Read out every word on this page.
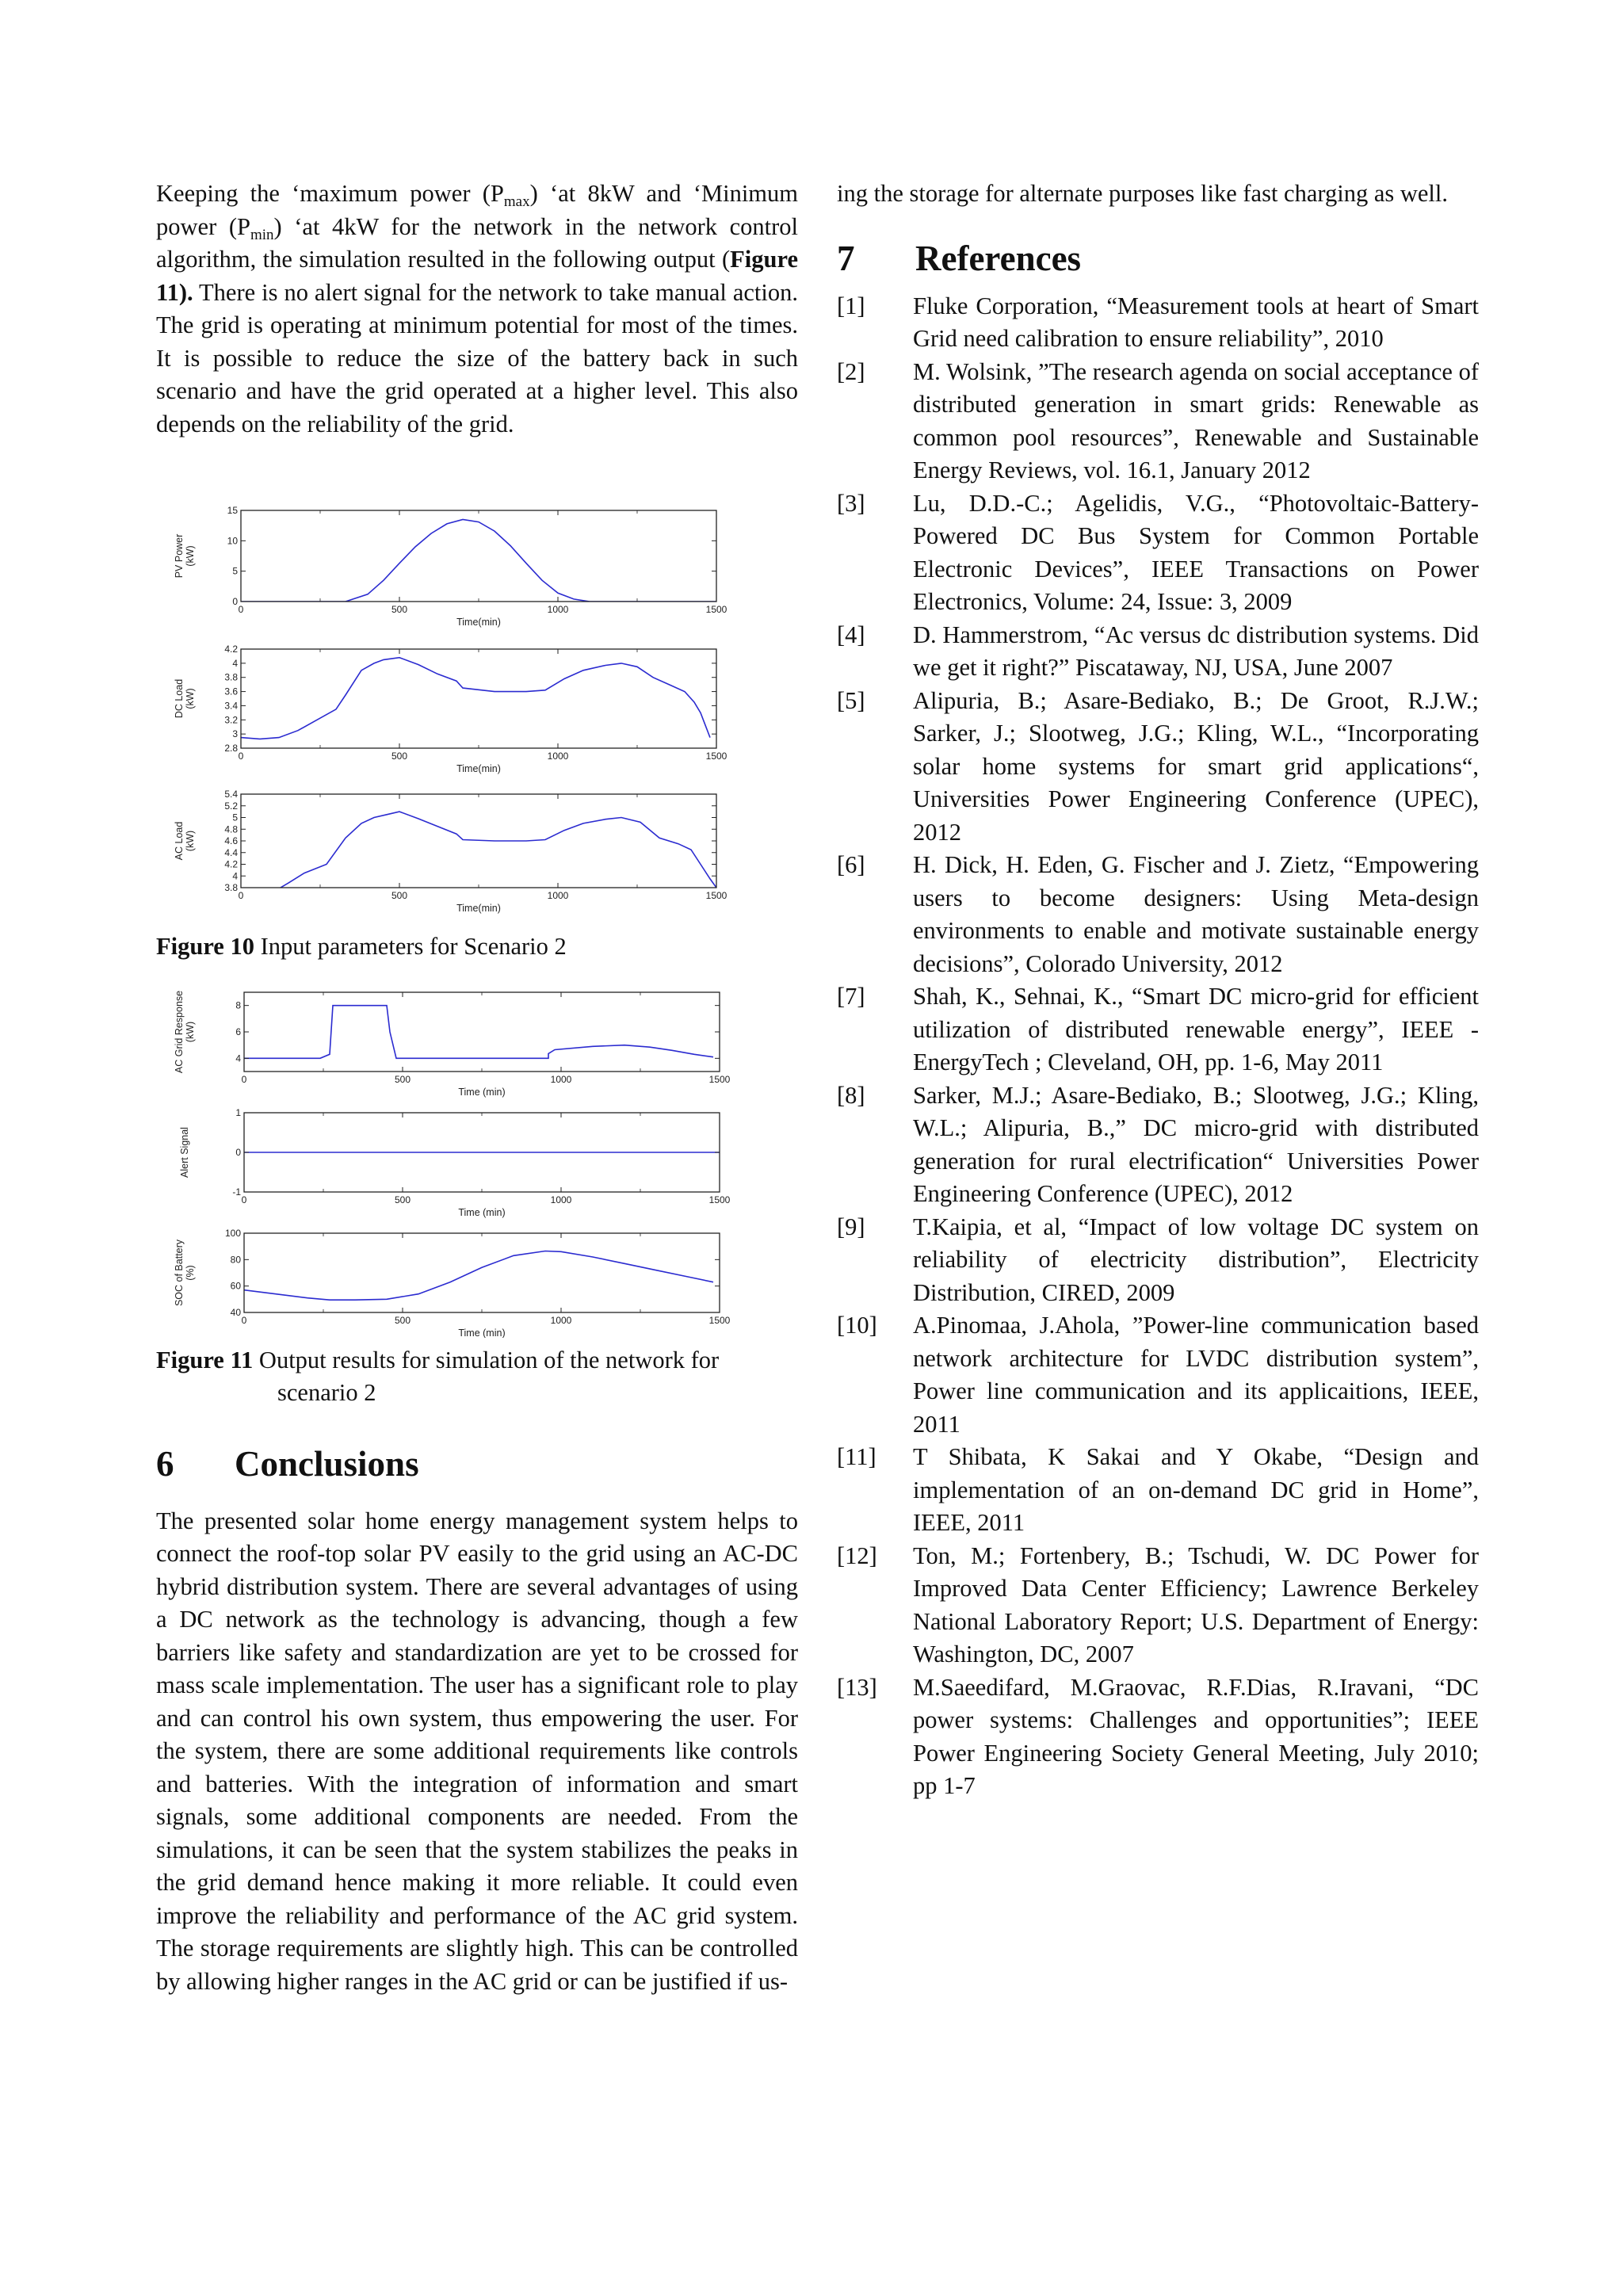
Keeping the ‘maximum power $(P_{max})$ ‘at 8kW and ‘Minimum power $(P_{min})$ ‘at 4kW for the network in the network control algorithm, the simulation resulted in the following output (Figure 11). There is no alert signal for the network to take manual action. The grid is operating at minimum potential for most of the times. It is possible to reduce the size of the battery back in such scenario and have the grid operated at a higher level. This also depends on the reliability of the grid.

0	500	1000	1500
Time(min)
0
5
10
15
PV Power(kW)
0	500	1000	1500
Time(min)
2.8
3
3.2
3.4
3.6
3.8
4
4.2
DC Load(kW)
0	500	1000	1500
Time(min)
3.8
4
4.2
4.4
4.6
4.8
5
5.2
5.4
AC Load(kW)
Figure 10 Input parameters for Scenario 2
0	500	1000	1500
Time (min)
4
6
8
AC Grid Response(kW)
0	500	1000	1500
Time (min)
-1
0
1
Alert Signal
0	500	1000	1500
Time (min)
40
60
80
100
SOC of Battery(%)
Figure 11 Output results for simulation of the network for scenario 2
6 Conclusions

The presented solar home energy management system helps to connect the roof-top solar PV easily to the grid using an AC-DC hybrid distribution system. There are several advantages of using a DC network as the technology is advancing, though a few barriers like safety and standardization are yet to be crossed for mass scale implementation. The user has a significant role to play and can control his own system, thus empowering the user. For the system, there are some additional requirements like controls and batteries. With the integration of information and smart signals, some additional components are needed. From the simulations, it can be seen that the system stabilizes the peaks in the grid demand hence making it more reliable. It could even improve the reliability and performance of the AC grid system. The storage requirements are slightly high. This can be controlled by allowing higher ranges in the AC grid or can be justified if us-

ing the storage for alternate purposes like fast charging as well.

7 References
[1]	Fluke Corporation, “Measurement tools at heart of Smart Grid need calibration to ensure reliability”, 2010
[2]	M. Wolsink, ”The research agenda on social acceptance of distributed generation in smart grids: Renewable as common pool resources”, Renewable and Sustainable Energy Reviews, vol. 16.1, January 2012
[3]	Lu, D.D.-C.; Agelidis, V.G., “Photovoltaic-Battery-Powered DC Bus System for Common Portable Electronic Devices”, IEEE Transactions on Power Electronics, Volume: 24, Issue: 3, 2009
[4]	D. Hammerstrom, “Ac versus dc distribution systems. Did we get it right?” Piscataway, NJ, USA, June 2007
[5]	Alipuria, B.; Asare-Bediako, B.; De Groot, R.J.W.; Sarker, J.; Slootweg, J.G.; Kling, W.L., “Incorporating solar home systems for smart grid applications“, Universities Power Engineering Conference (UPEC), 2012
[6]	H. Dick, H. Eden, G. Fischer and J. Zietz, “Empowering users to become designers: Using Meta-design environments to enable and motivate sustainable energy decisions”, Colorado University, 2012
[7]	Shah, K., Sehnai, K., “Smart DC micro-grid for efficient utilization of distributed renewable energy”, IEEE - EnergyTech ; Cleveland, OH, pp. 1-6, May 2011
[8]	Sarker, M.J.; Asare-Bediako, B.; Slootweg, J.G.; Kling, W.L.; Alipuria, B.,” DC micro-grid with distributed generation for rural electrification“ Universities Power Engineering Conference (UPEC), 2012
[9]	T.Kaipia, et al, “Impact of low voltage DC system on reliability of electricity distribution”, Electricity Distribution, CIRED, 2009
[10]	A.Pinomaa, J.Ahola, ”Power-line communication based network architecture for LVDC distribution system”, Power line communication and its applicaitions, IEEE, 2011
[11]	T Shibata, K Sakai and Y Okabe, “Design and implementation of an on-demand DC grid in Home”, IEEE, 2011
[12]	Ton, M.; Fortenbery, B.; Tschudi, W. DC Power for Improved Data Center Efficiency; Lawrence Berkeley National Laboratory Report; U.S. Department of Energy: Washington, DC, 2007
[13]	M.Saeedifard, M.Graovac, R.F.Dias, R.Iravani, “DC power systems: Challenges and opportunities”; IEEE Power Engineering Society General Meeting, July 2010; pp 1-7
